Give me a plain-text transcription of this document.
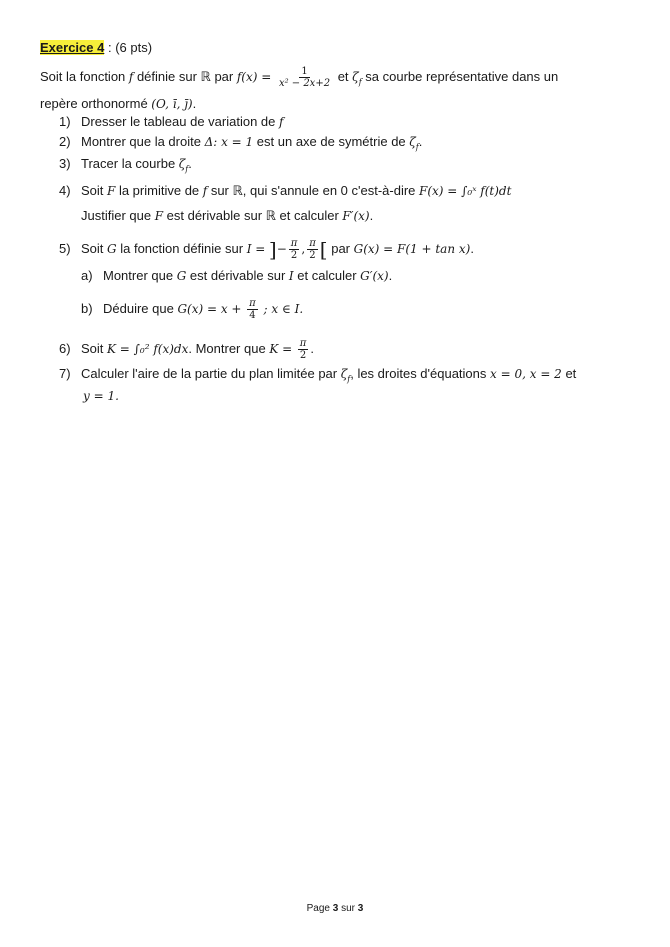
Exercice 4 : (6 pts)
Soit la fonction f définie sur ℝ par $f(x) = \frac{1}{\text{x² − 2x+2}}$ et $\zeta_f$ sa courbe représentative dans un
repère orthonormé (O, ī, j̄).
1) Dresser le tableau de variation de f
2) Montrer que la droite Δ: x = 1 est un axe de symétrie de $\zeta_f$.
3) Tracer la courbe $\zeta_f$.
4) Soit F la primitive de f sur ℝ, qui s'annule en 0 c'est-à-dire F(x) = ∫₀ˣ f(t)dt
Justifier que F est dérivable sur ℝ et calculer F′(x).
5) Soit G la fonction définie sur I = ]− $\frac{\pi}{2}$ , $\frac{\pi}{2}$ [ par G(x) = F(1 + tan x).
a) Montrer que G est dérivable sur I et calculer G′(x).
b) Déduire que $G(x) = x + \frac{\pi}{4}$ ; x ∈ I.
6) Soit K = ∫₀² f(x)dx. Montrer que $K = \frac{\pi}{2}$ .
7) Calculer l'aire de la partie du plan limitée par $\zeta_f$, les droites d'équations x = 0, x = 2 et
y = 1.
Page 3 sur 3
